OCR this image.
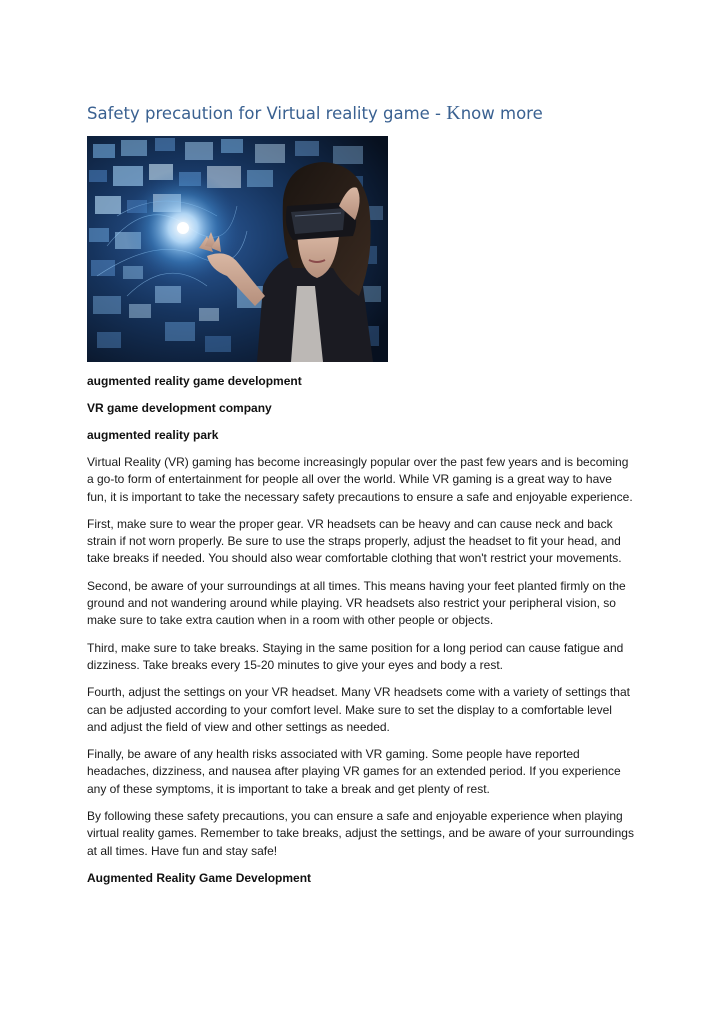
Safety precaution for Virtual reality game - Know more

augmented reality game development

VR game development company

augmented reality park

Virtual Reality (VR) gaming has become increasingly popular over the past few years and is becoming a go-to form of entertainment for people all over the world. While VR gaming is a great way to have fun, it is important to take the necessary safety precautions to ensure a safe and enjoyable experience.

First, make sure to wear the proper gear. VR headsets can be heavy and can cause neck and back strain if not worn properly. Be sure to use the straps properly, adjust the headset to fit your head, and take breaks if needed. You should also wear comfortable clothing that won't restrict your movements.

Second, be aware of your surroundings at all times. This means having your feet planted firmly on the ground and not wandering around while playing. VR headsets also restrict your peripheral vision, so make sure to take extra caution when in a room with other people or objects.

Third, make sure to take breaks. Staying in the same position for a long period can cause fatigue and dizziness. Take breaks every 15-20 minutes to give your eyes and body a rest.

Fourth, adjust the settings on your VR headset. Many VR headsets come with a variety of settings that can be adjusted according to your comfort level. Make sure to set the display to a comfortable level and adjust the field of view and other settings as needed.

Finally, be aware of any health risks associated with VR gaming. Some people have reported headaches, dizziness, and nausea after playing VR games for an extended period. If you experience any of these symptoms, it is important to take a break and get plenty of rest.

By following these safety precautions, you can ensure a safe and enjoyable experience when playing virtual reality games. Remember to take breaks, adjust the settings, and be aware of your surroundings at all times. Have fun and stay safe!

Augmented Reality Game Development
